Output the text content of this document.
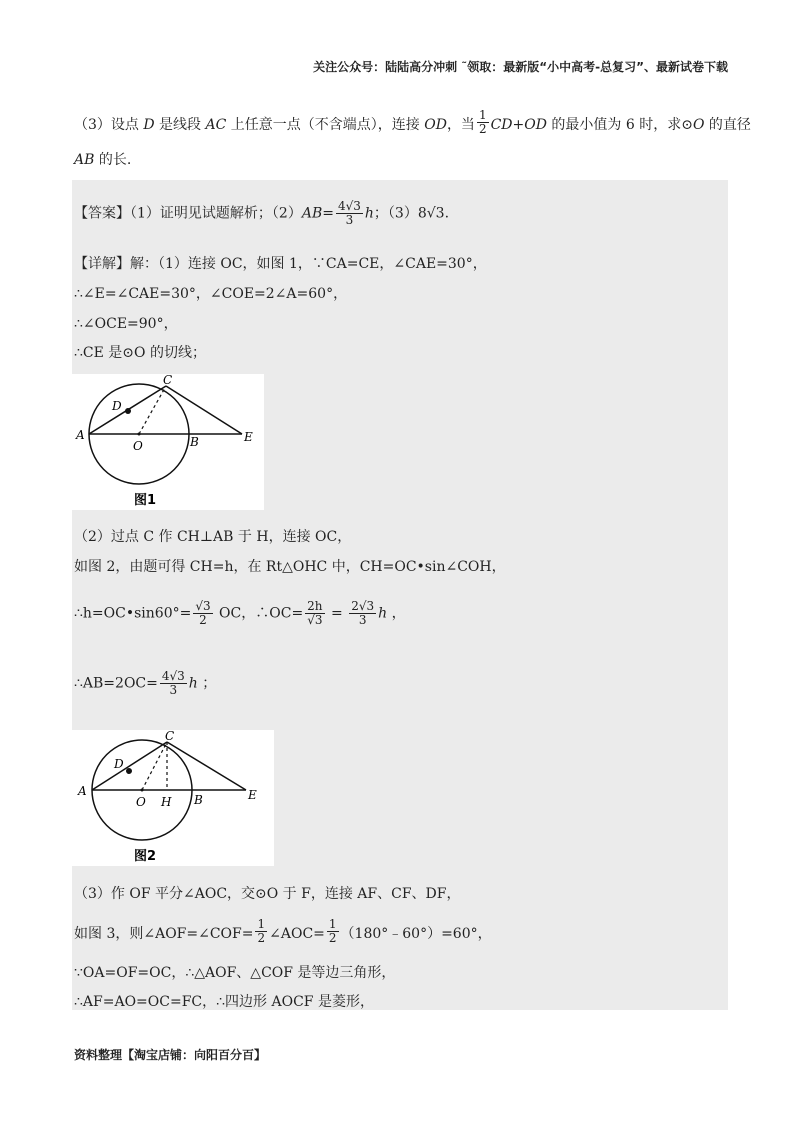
关注公众号：陆陆高分冲刺 ˜领取：最新版“小中高考-总复习”、最新试卷下载
（3）设点 D 是线段 AC 上任意一点（不含端点），连接 OD，当 $\frac{1}{2} CD+OD$ 的最小值为 6 时，求⊙O 的直径
AB 的长.
【答案】（1）证明见试题解析；$(2)AB= \frac{4√3}{3}$ h；（3）8√3.
【详解】解：（1）连接 OC，如图 1，∵CA=CE，∠CAE=30°，
∴∠E=∠CAE=30°，∠COE=2∠A=60°，
∴∠OCE=90°，
∴CE 是⊙O 的切线；
A
D
C
O	B	E
图1
（2）过点 C 作 CH⊥AB 于 H，连接 OC，
如图 2，由题可得 CH=h，在 Rt△OHC 中，CH=OC•sin∠COH，
∴h=OC•sin60°= $\frac{√3}{2}$ OC，∴OC= $\frac{2h}{√3} = \frac{2√3}{3}$ h ，
∴AB=2OC= $\frac{4√3}{3}$ h ；
A
D
C
O H B	E
图2
（3）作 OF 平分∠AOC，交⊙O 于 F，连接 AF、CF、DF，
如图 3，则∠AOF=∠COF= $\frac{1}{2}$ ∠AOC= $\frac{1}{2}$ （180°﹣60°）=60°，
∵OA=OF=OC，∴△AOF、△COF 是等边三角形，
∴AF=AO=OC=FC，∴四边形 AOCF 是菱形，
资料整理【淘宝店铺：向阳百分百】
